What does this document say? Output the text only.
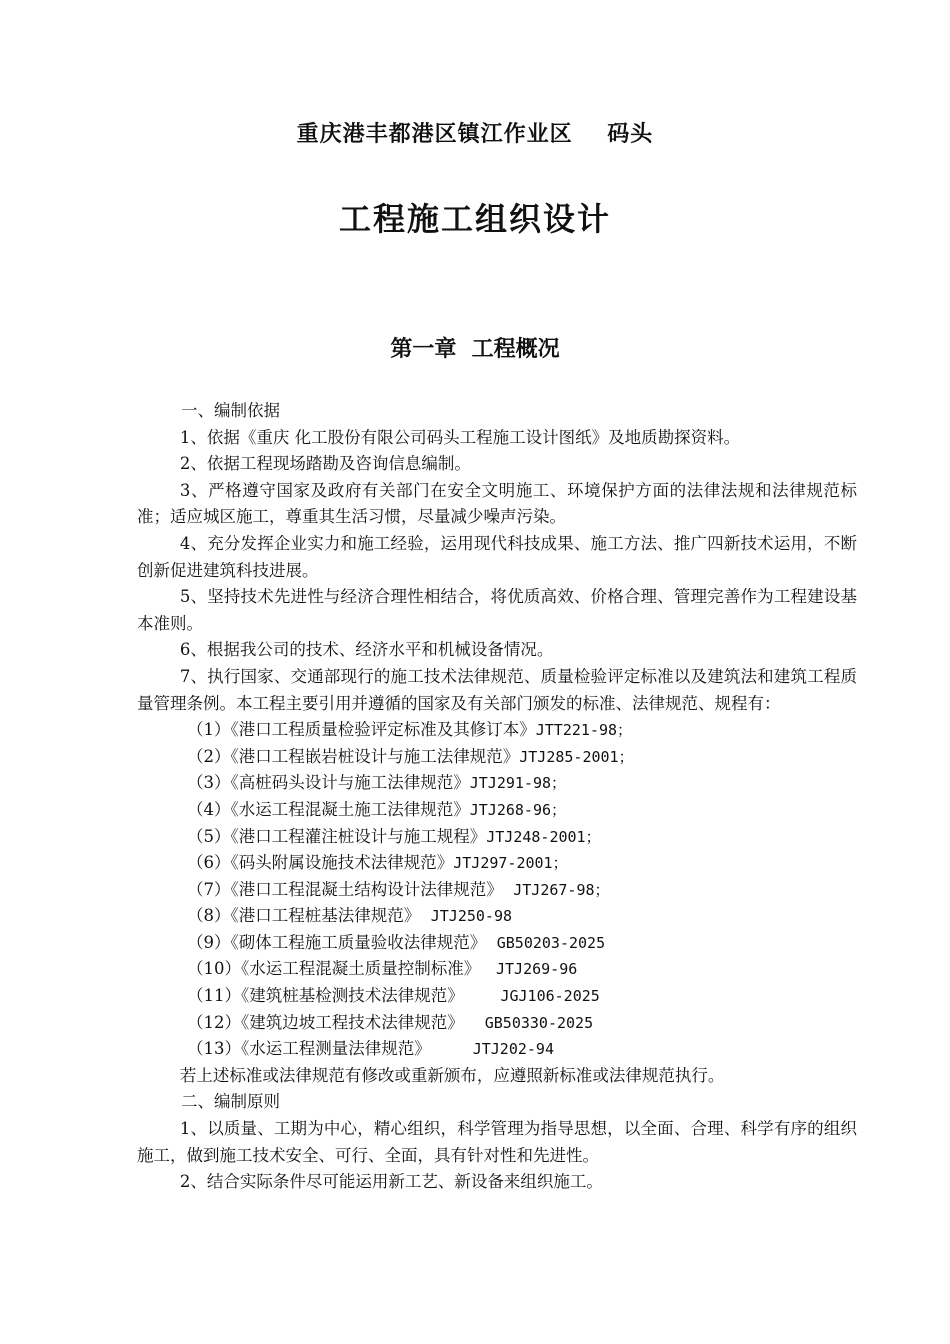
重庆港丰都港区镇江作业区    码头
工程施工组织设计
第一章  工程概况

一、编制依据

1、依据《重庆 化工股份有限公司码头工程施工设计图纸》及地质勘探资料。

2、依据工程现场踏勘及咨询信息编制。

3、严格遵守国家及政府有关部门在安全文明施工、环境保护方面的法律法规和法律规范标准；适应城区施工，尊重其生活习惯，尽量减少噪声污染。

4、充分发挥企业实力和施工经验，运用现代科技成果、施工方法、推广四新技术运用，不断创新促进建筑科技进展。

5、坚持技术先进性与经济合理性相结合，将优质高效、价格合理、管理完善作为工程建设基本准则。

6、根据我公司的技术、经济水平和机械设备情况。

7、执行国家、交通部现行的施工技术法律规范、质量检验评定标准以及建筑法和建筑工程质量管理条例。本工程主要引用并遵循的国家及有关部门颁发的标准、法律规范、规程有：

（1）《港口工程质量检验评定标准及其修订本》JTT221-98；

（2）《港口工程嵌岩桩设计与施工法律规范》JTJ285-2001；

（3）《高桩码头设计与施工法律规范》JTJ291-98；

（4）《水运工程混凝土施工法律规范》JTJ268-96；

（5）《港口工程灌注桩设计与施工规程》JTJ248-2001；

（6）《码头附属设施技术法律规范》JTJ297-2001；

（7）《港口工程混凝土结构设计法律规范》  JTJ267-98；

（8）《港口工程桩基法律规范》  JTJ250-98

（9）《砌体工程施工质量验收法律规范》  GB50203-2025

（10）《水运工程混凝土质量控制标准》   JTJ269-96

（11）《建筑桩基检测技术法律规范》       JGJ106-2025

（12）《建筑边坡工程技术法律规范》    GB50330-2025

（13）《水运工程测量法律规范》        JTJ202-94

若上述标准或法律规范有修改或重新颁布，应遵照新标准或法律规范执行。

二、编制原则

1、以质量、工期为中心，精心组织，科学管理为指导思想，以全面、合理、科学有序的组织施工，做到施工技术安全、可行、全面，具有针对性和先进性。

2、结合实际条件尽可能运用新工艺、新设备来组织施工。
